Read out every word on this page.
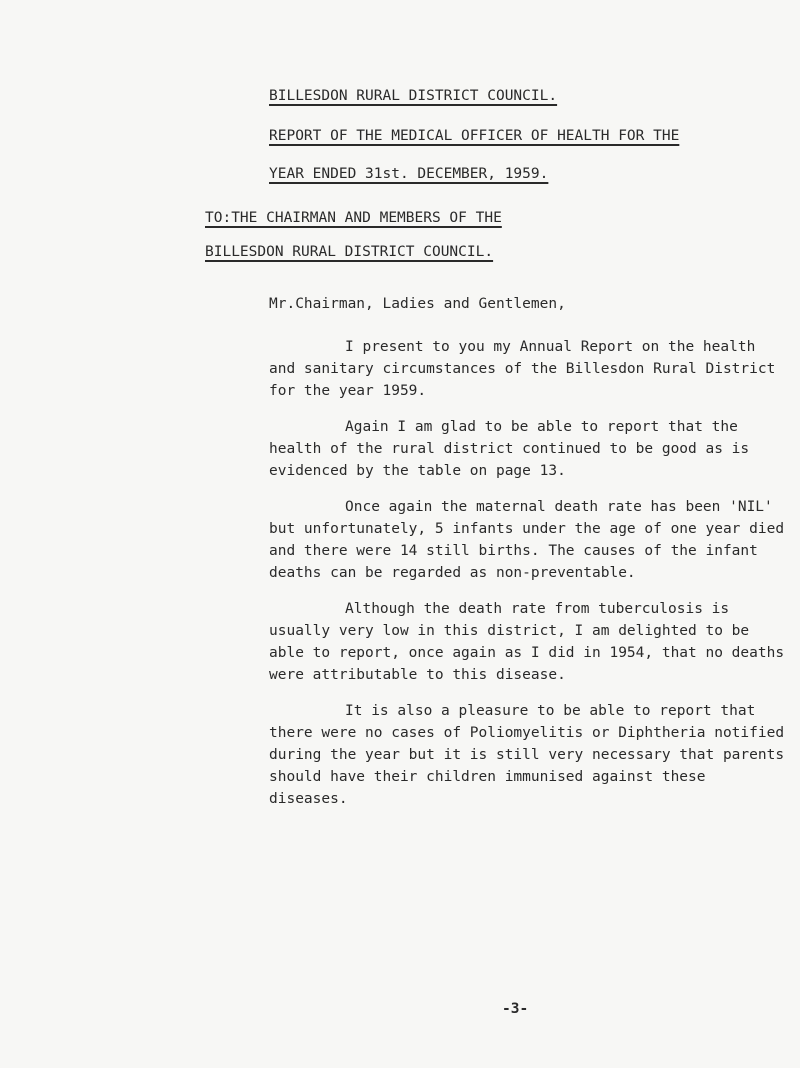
BILLESDON RURAL DISTRICT COUNCIL.
REPORT OF THE MEDICAL OFFICER OF HEALTH FOR THE
YEAR ENDED 31st. DECEMBER, 1959.
TO:THE CHAIRMAN AND MEMBERS OF THE
BILLESDON RURAL DISTRICT COUNCIL.
Mr.Chairman, Ladies and Gentlemen,
I present to you my Annual Report on the health and sanitary circumstances of the Billesdon Rural District for the year 1959.
Again I am glad to be able to report that the health of the rural district continued to be good as is evidenced by the table on page 13.
Once again the maternal death rate has been 'NIL' but unfortunately, 5 infants under the age of one year died and there were 14 still births. The causes of the infant deaths can be regarded as non-preventable.
Although the death rate from tuberculosis is usually very low in this district, I am delighted to be able to report, once again as I did in 1954, that no deaths were attributable to this disease.
It is also a pleasure to be able to report that there were no cases of Poliomyelitis or Diphtheria notified during the year but it is still very necessary that parents should have their children immunised against these diseases.
-3-
